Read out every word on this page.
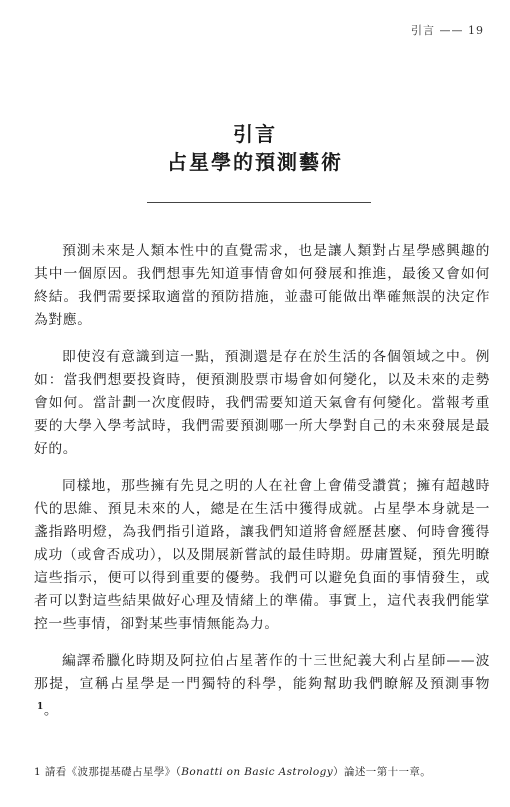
引言 —— 19
引言
占星學的預測藝術

預測未來是人類本性中的直覺需求，也是讓人類對占星學感興趣的其中一個原因。我們想事先知道事情會如何發展和推進，最後又會如何終結。我們需要採取適當的預防措施，並盡可能做出準確無誤的決定作為對應。

即使沒有意識到這一點，預測還是存在於生活的各個領域之中。例如：當我們想要投資時，便預測股票市場會如何變化，以及未來的走勢會如何。當計劃一次度假時，我們需要知道天氣會有何變化。當報考重要的大學入學考試時，我們需要預測哪一所大學對自己的未來發展是最好的。

同樣地，那些擁有先見之明的人在社會上會備受讚賞；擁有超越時代的思維、預見未來的人，總是在生活中獲得成就。占星學本身就是一盞指路明燈，為我們指引道路，讓我們知道將會經歷甚麼、何時會獲得成功（或會否成功），以及開展新嘗試的最佳時期。毋庸置疑，預先明瞭這些指示，便可以得到重要的優勢。我們可以避免負面的事情發生，或者可以對這些結果做好心理及情緒上的準備。事實上，這代表我們能掌控一些事情，卻對某些事情無能為力。

編譯希臘化時期及阿拉伯占星著作的十三世紀義大利占星師——波那提，宣稱占星學是一門獨特的科學，能夠幫助我們瞭解及預測事物$^1$。

1 請看《波那提基礎占星學》（Bonatti on Basic Astrology）論述一第十一章。
